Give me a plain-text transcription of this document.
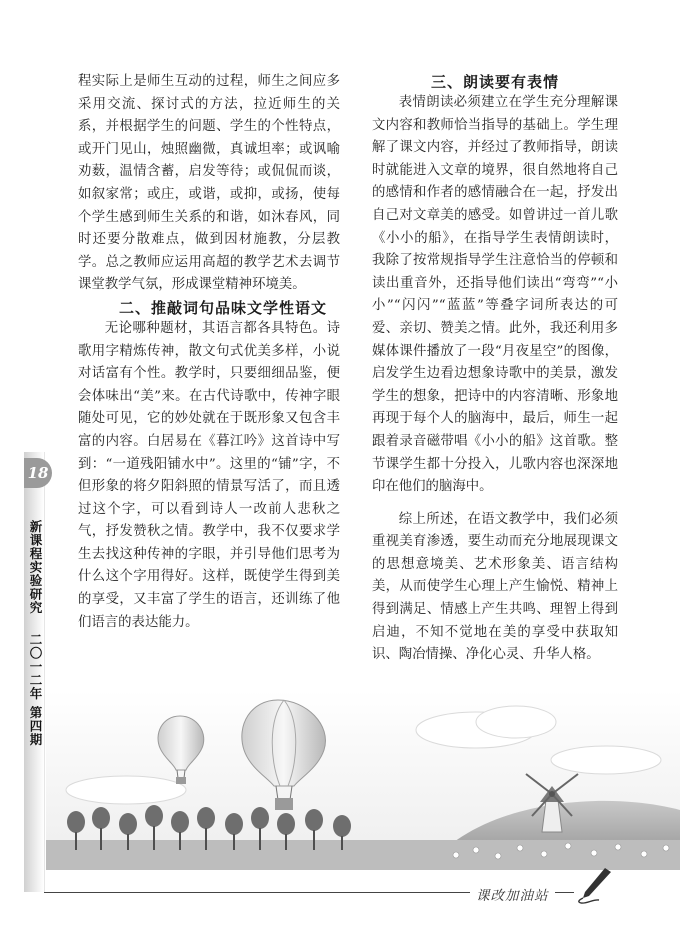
18
新课程实验研究  二〇一二年 第四期

程实际上是师生互动的过程，师生之间应多采用交流、探讨式的方法，拉近师生的关系，并根据学生的问题、学生的个性特点，或开门见山，烛照幽微，真诚坦率；或讽喻劝薮，温情含蓄，启发等待；或侃侃而谈，如叙家常；或庄，或谐，或抑，或扬，使每个学生感到师生关系的和谐，如沐春风，同时还要分散难点，做到因材施教，分层教学。总之教师应运用高超的教学艺术去调节课堂教学气氛，形成课堂精神环境美。

二、推敲词句品味文学性语文

无论哪种题材，其语言都各具特色。诗歌用字精炼传神，散文句式优美多样，小说对话富有个性。教学时，只要细细品鉴，便会体味出“美”来。在古代诗歌中，传神字眼随处可见，它的妙处就在于既形象又包含丰富的内容。白居易在《暮江吟》这首诗中写到：“一道残阳铺水中”。这里的“铺”字，不但形象的将夕阳斜照的情景写活了，而且透过这个字，可以看到诗人一改前人悲秋之气，抒发赞秋之情。教学中，我不仅要求学生去找这种传神的字眼，并引导他们思考为什么这个字用得好。这样，既使学生得到美的享受，又丰富了学生的语言，还训练了他们语言的表达能力。

三、朗读要有表情

表情朗读必须建立在学生充分理解课文内容和教师恰当指导的基础上。学生理解了课文内容，并经过了教师指导，朗读时就能进入文章的境界，很自然地将自己的感情和作者的感情融合在一起，抒发出自己对文章美的感受。如曾讲过一首儿歌《小小的船》，在指导学生表情朗读时，我除了按常规指导学生注意恰当的停顿和读出重音外，还指导他们读出“弯弯”“小小”“闪闪”“蓝蓝”等叠字词所表达的可爱、亲切、赞美之情。此外，我还利用多媒体课件播放了一段“月夜星空”的图像，启发学生边看边想象诗歌中的美景，激发学生的想象，把诗中的内容清晰、形象地再现于每个人的脑海中，最后，师生一起跟着录音磁带唱《小小的船》这首歌。整节课学生都十分投入，儿歌内容也深深地印在他们的脑海中。

综上所述，在语文教学中，我们必须重视美育渗透，要生动而充分地展现课文的思想意境美、艺术形象美、语言结构美，从而使学生心理上产生愉悦、精神上得到满足、情感上产生共鸣、理智上得到启迪，不知不觉地在美的享受中获取知识、陶冶情操、净化心灵、升华人格。

课改加油站
